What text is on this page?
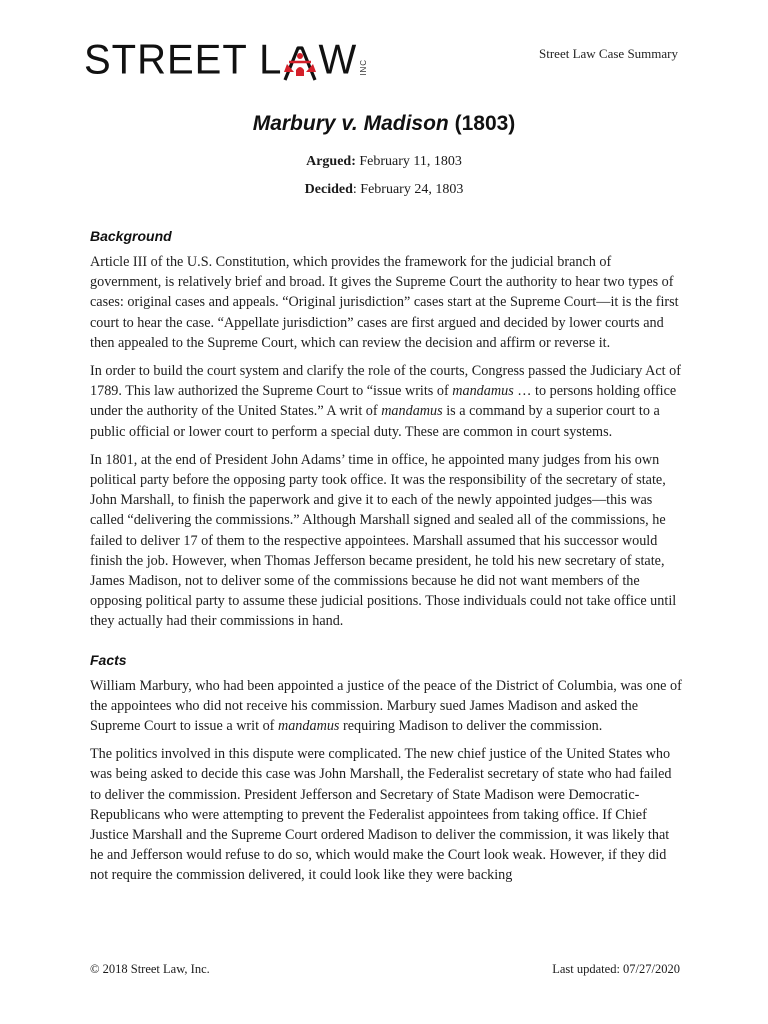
STREET L W INC
Street Law Case Summary
Marbury v. Madison (1803)
Argued: February 11, 1803
Decided: February 24, 1803
Background

Article III of the U.S. Constitution, which provides the framework for the judicial branch of government, is relatively brief and broad. It gives the Supreme Court the authority to hear two types of cases: original cases and appeals. “Original jurisdiction” cases start at the Supreme Court—it is the first court to hear the case. “Appellate jurisdiction” cases are first argued and decided by lower courts and then appealed to the Supreme Court, which can review the decision and affirm or reverse it.

In order to build the court system and clarify the role of the courts, Congress passed the Judiciary Act of 1789. This law authorized the Supreme Court to “issue writs of mandamus … to persons holding office under the authority of the United States.” A writ of mandamus is a command by a superior court to a public official or lower court to perform a special duty. These are common in court systems.

In 1801, at the end of President John Adams’ time in office, he appointed many judges from his own political party before the opposing party took office. It was the responsibility of the secretary of state, John Marshall, to finish the paperwork and give it to each of the newly appointed judges—this was called “delivering the commissions.” Although Marshall signed and sealed all of the commissions, he failed to deliver 17 of them to the respective appointees. Marshall assumed that his successor would finish the job. However, when Thomas Jefferson became president, he told his new secretary of state, James Madison, not to deliver some of the commissions because he did not want members of the opposing political party to assume these judicial positions. Those individuals could not take office until they actually had their commissions in hand.

Facts

William Marbury, who had been appointed a justice of the peace of the District of Columbia, was one of the appointees who did not receive his commission. Marbury sued James Madison and asked the Supreme Court to issue a writ of mandamus requiring Madison to deliver the commission.

The politics involved in this dispute were complicated. The new chief justice of the United States who was being asked to decide this case was John Marshall, the Federalist secretary of state who had failed to deliver the commission. President Jefferson and Secretary of State Madison were Democratic-Republicans who were attempting to prevent the Federalist appointees from taking office. If Chief Justice Marshall and the Supreme Court ordered Madison to deliver the commission, it was likely that he and Jefferson would refuse to do so, which would make the Court look weak. However, if they did not require the commission delivered, it could look like they were backing

© 2018 Street Law, Inc.	Last updated: 07/27/2020
